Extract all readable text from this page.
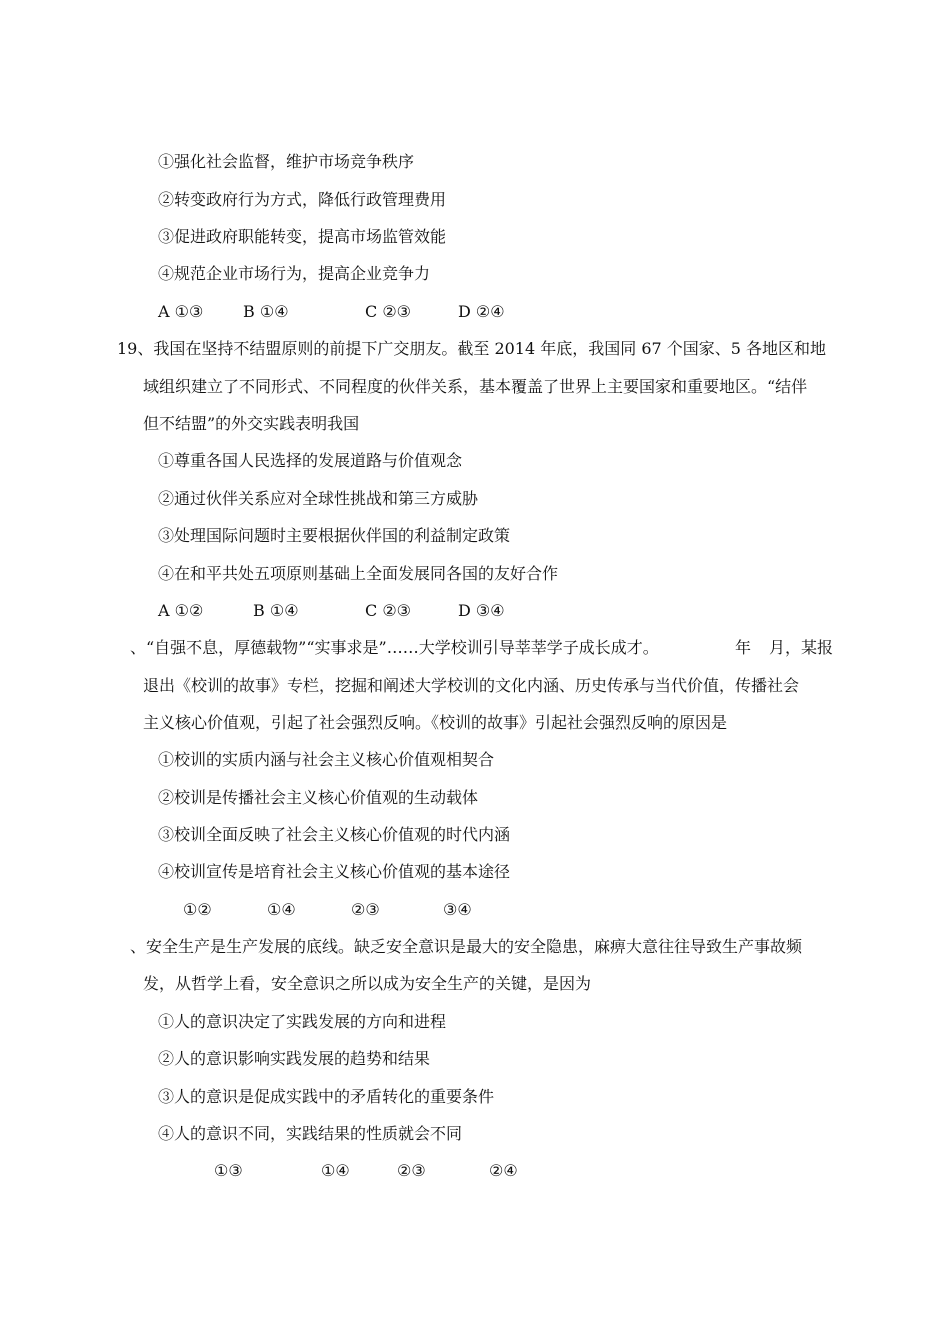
①强化社会监督，维护市场竞争秩序
②转变政府行为方式，降低行政管理费用
③促进政府职能转变，提高市场监管效能
④规范企业市场行为，提高企业竞争力
A ①③ B ①④	C ②③	D ②④
19、我国在坚持不结盟原则的前提下广交朋友。截至 2014 年底，我国同 67 个国家、5 各地区和地
域组织建立了不同形式、不同程度的伙伴关系，基本覆盖了世界上主要国家和重要地区。“结伴
但不结盟”的外交实践表明我国
①尊重各国人民选择的发展道路与价值观念
②通过伙伴关系应对全球性挑战和第三方威胁
③处理国际问题时主要根据伙伴国的利益制定政策
④在和平共处五项原则基础上全面发展同各国的友好合作
A ①②	B ①④	C ②③	D ③④
、“自强不息，厚德载物”“实事求是”……大学校训引导莘莘学子成长成才。	年 月，某报
退出《校训的故事》专栏，挖掘和阐述大学校训的文化内涵、历史传承与当代价值，传播社会
主义核心价值观，引起了社会强烈反响。《校训的故事》引起社会强烈反响的原因是
①校训的实质内涵与社会主义核心价值观相契合
②校训是传播社会主义核心价值观的生动载体
③校训全面反映了社会主义核心价值观的时代内涵
④校训宣传是培育社会主义核心价值观的基本途径
①②	①④	②③	③④
、安全生产是生产发展的底线。缺乏安全意识是最大的安全隐患，麻痹大意往往导致生产事故频
发，从哲学上看，安全意识之所以成为安全生产的关键，是因为
①人的意识决定了实践发展的方向和进程
②人的意识影响实践发展的趋势和结果
③人的意识是促成实践中的矛盾转化的重要条件
④人的意识不同，实践结果的性质就会不同
①③	①④	②③	②④
